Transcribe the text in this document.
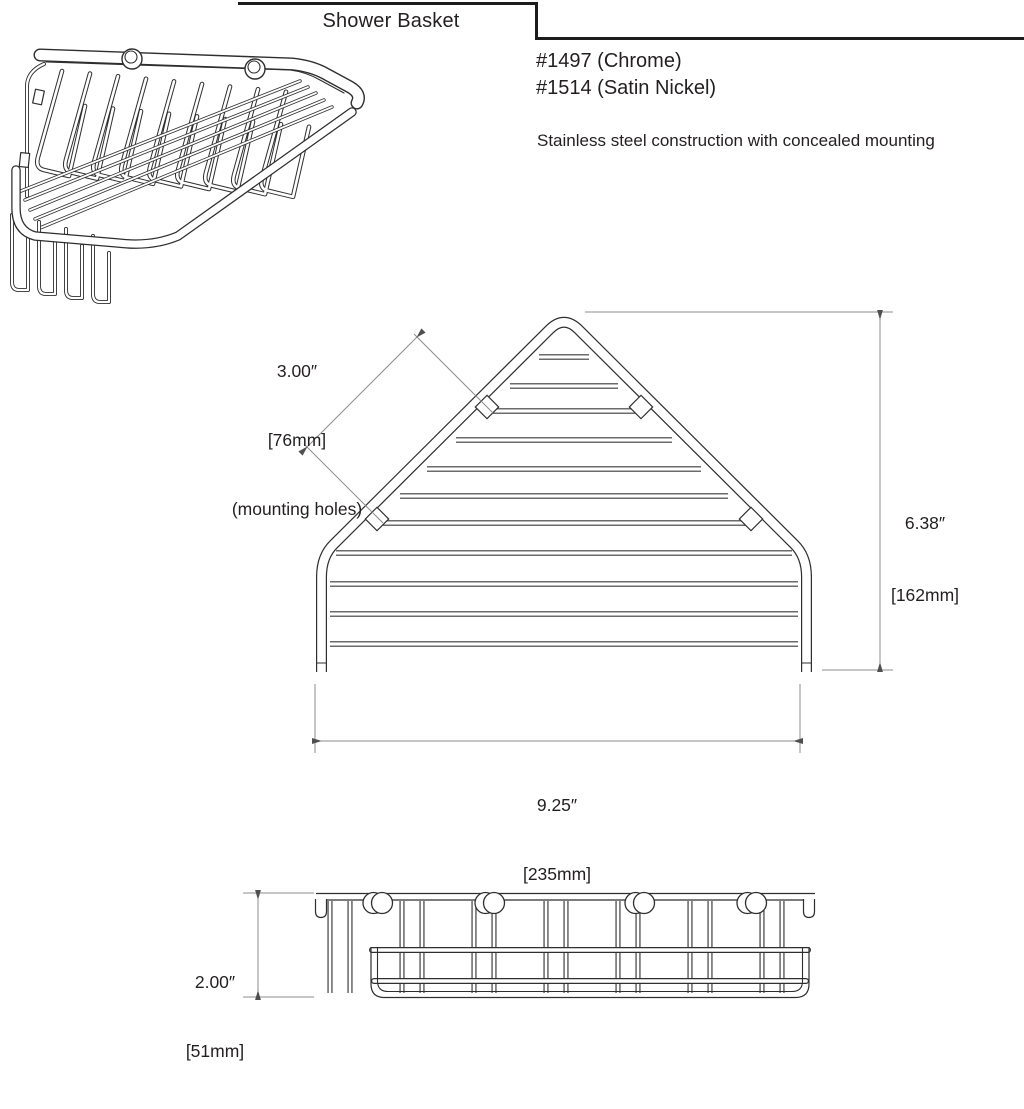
Shower Basket
#1497 (Chrome)
#1514 (Satin Nickel)
Stainless steel construction with concealed mounting

3.00″

[76mm]

(mounting holes)

6.38″

[162mm]

9.25″

[235mm]

2.00″

[51mm]
